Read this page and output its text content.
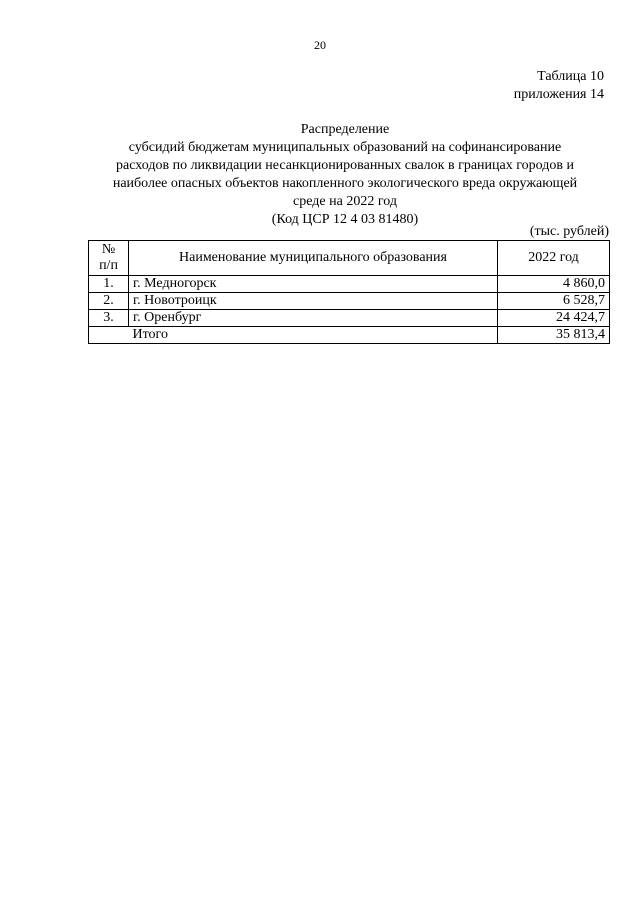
20
Таблица 10
приложения 14
Распределение
субсидий бюджетам муниципальных образований на софинансирование
расходов по ликвидации несанкционированных свалок в границах городов и
наиболее опасных объектов накопленного экологического вреда окружающей
среде на 2022 год
(Код ЦСР 12 4 03 81480)
(тыс. рублей)
№
п/п	Наименование муниципального образования	2022 год
1.	г. Медногорск	4 860,0
2.	г. Новотроицк	6 528,7
3.	г. Оренбург	24 424,7
	Итого	35 813,4
